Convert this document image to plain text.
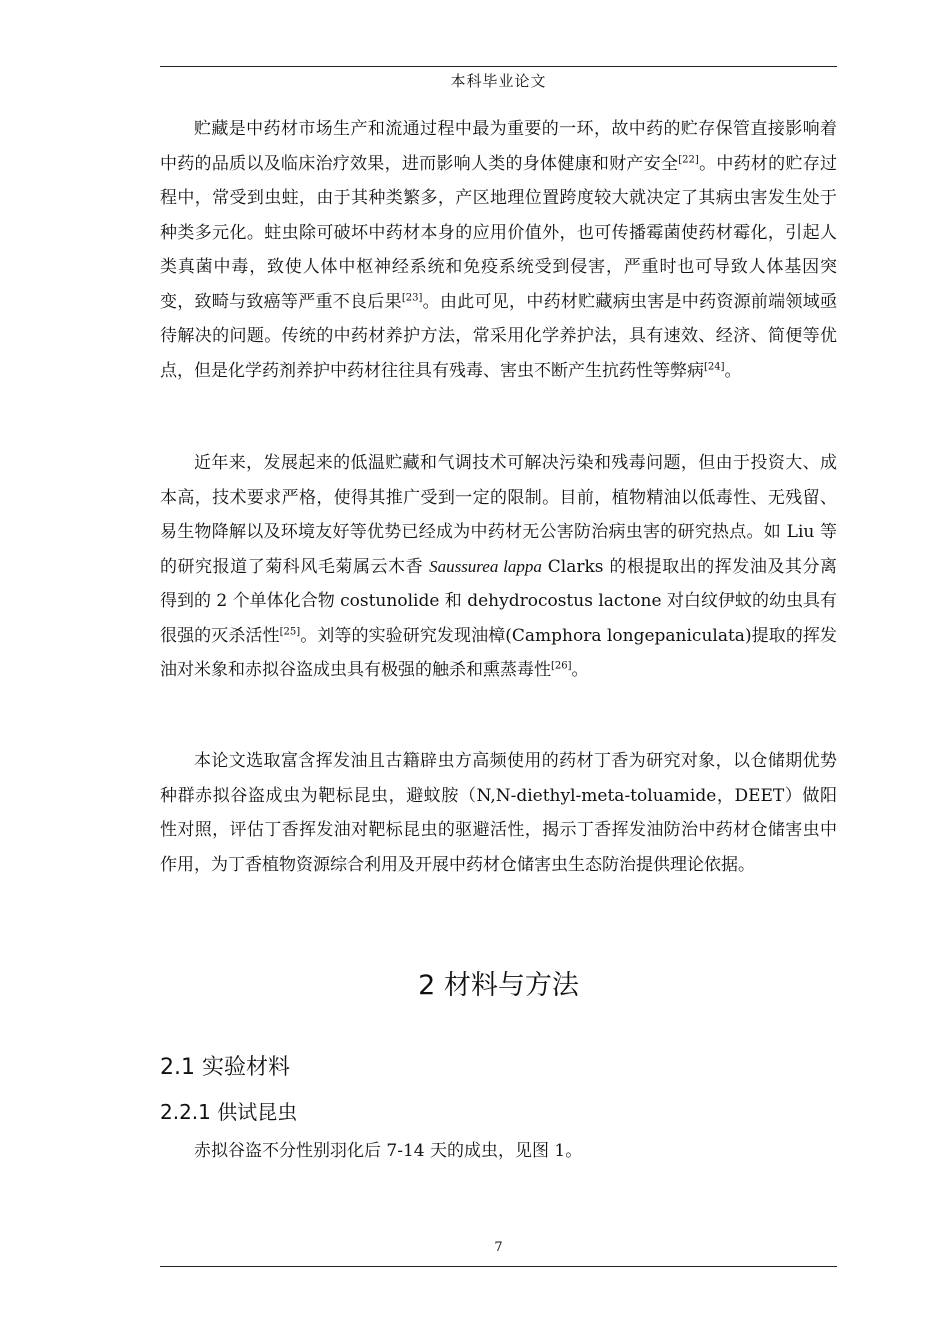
本科毕业论文

贮藏是中药材市场生产和流通过程中最为重要的一环，故中药的贮存保管直接影响着中药的品质以及临床治疗效果，进而影响人类的身体健康和财产安全[22]。中药材的贮存过程中，常受到虫蛀，由于其种类繁多，产区地理位置跨度较大就决定了其病虫害发生处于种类多元化。蛀虫除可破坏中药材本身的应用价值外，也可传播霉菌使药材霉化，引起人类真菌中毒，致使人体中枢神经系统和免疫系统受到侵害，严重时也可导致人体基因突变，致畸与致癌等严重不良后果[23]。由此可见，中药材贮藏病虫害是中药资源前端领域亟待解决的问题。传统的中药材养护方法，常采用化学养护法，具有速效、经济、简便等优点，但是化学药剂养护中药材往往具有残毒、害虫不断产生抗药性等弊病[24]。

近年来，发展起来的低温贮藏和气调技术可解决污染和残毒问题，但由于投资大、成本高，技术要求严格，使得其推广受到一定的限制。目前，植物精油以低毒性、无残留、易生物降解以及环境友好等优势已经成为中药材无公害防治病虫害的研究热点。如 Liu 等的研究报道了菊科风毛菊属云木香 Saussurea lappa Clarks 的根提取出的挥发油及其分离得到的 2 个单体化合物 costunolide 和 dehydrocostus lactone 对白纹伊蚊的幼虫具有很强的灭杀活性[25]。刘等的实验研究发现油樟(Camphora longepaniculata)提取的挥发油对米象和赤拟谷盗成虫具有极强的触杀和熏蒸毒性[26]。

本论文选取富含挥发油且古籍辟虫方高频使用的药材丁香为研究对象，以仓储期优势种群赤拟谷盗成虫为靶标昆虫，避蚊胺（N,N-diethyl-meta-toluamide，DEET）做阳性对照，评估丁香挥发油对靶标昆虫的驱避活性，揭示丁香挥发油防治中药材仓储害虫中作用，为丁香植物资源综合利用及开展中药材仓储害虫生态防治提供理论依据。

2 材料与方法
2.1 实验材料
2.2.1 供试昆虫

赤拟谷盗不分性别羽化后 7-14 天的成虫，见图 1。

7
